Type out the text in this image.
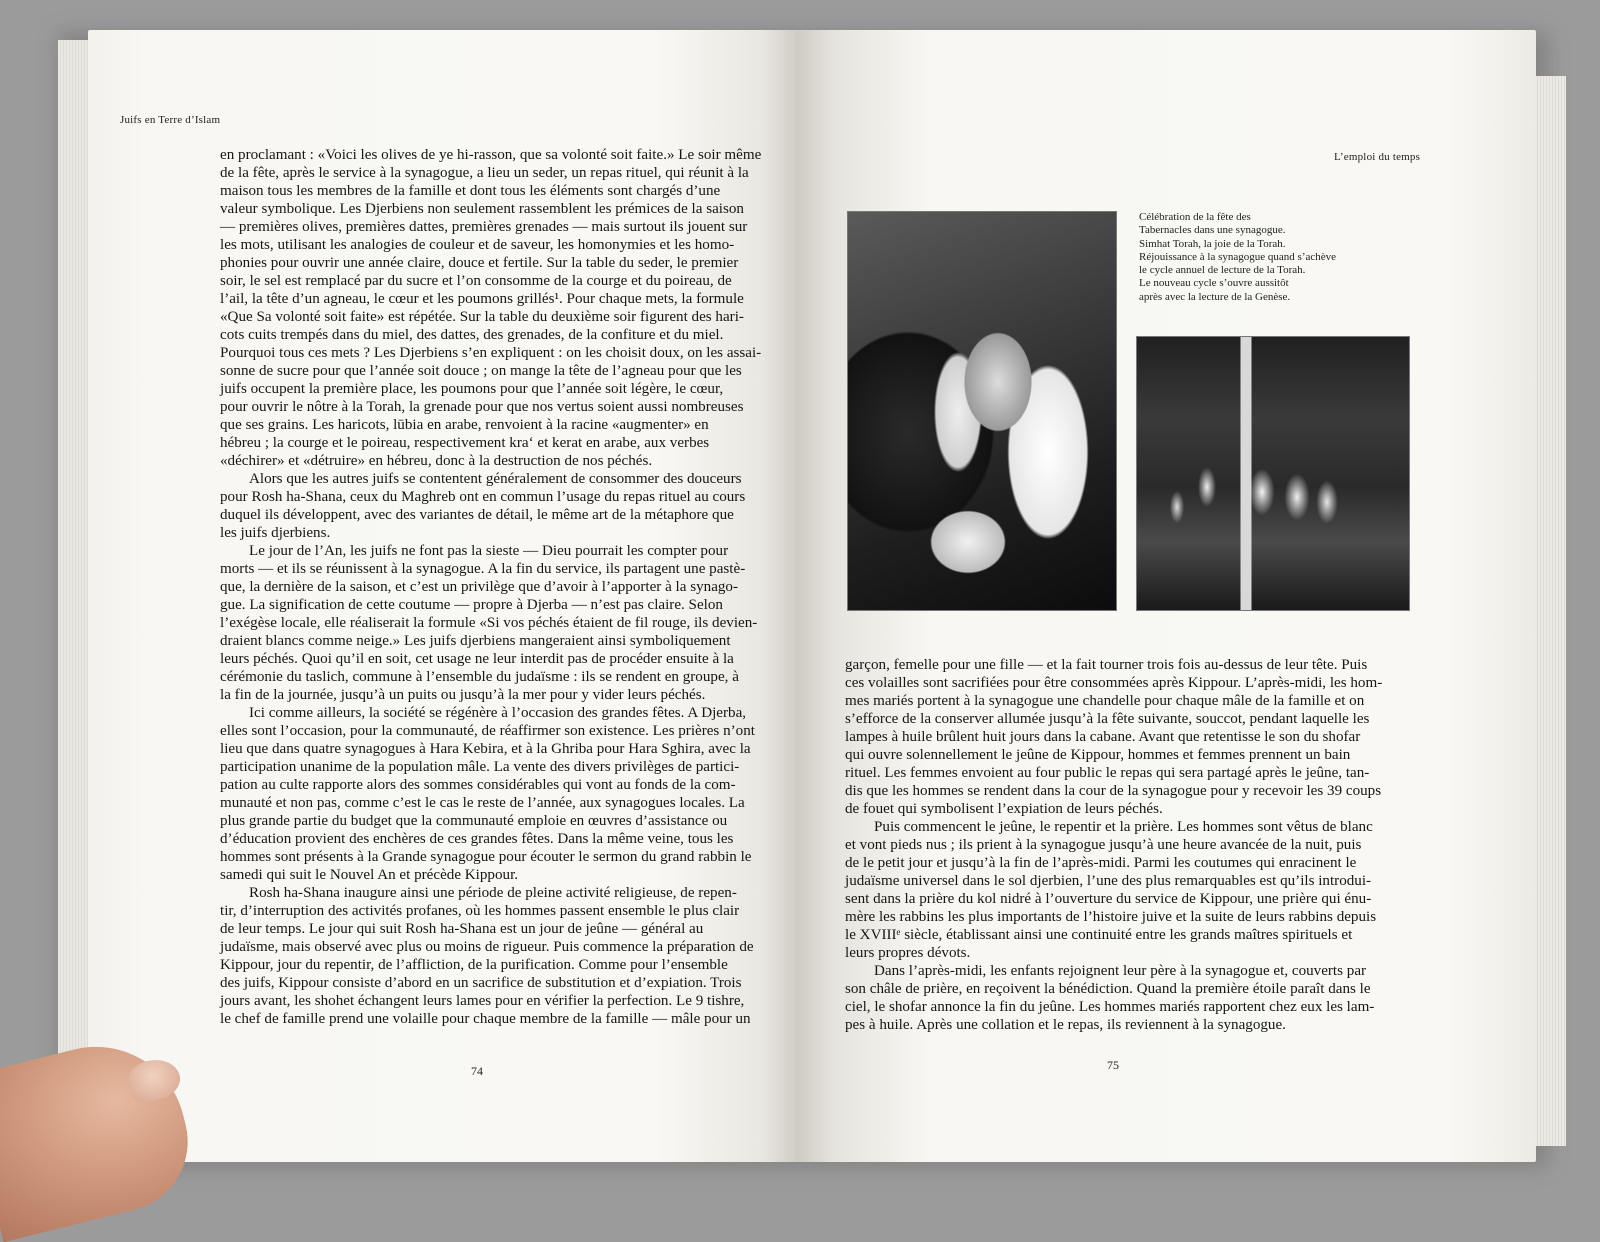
Juifs en Terre d’Islam
en proclamant : «Voici les olives de ye hi-rasson, que sa volonté soit faite.» Le soir même
de la fête, après le service à la synagogue, a lieu un seder, un repas rituel, qui réunit à la
maison tous les membres de la famille et dont tous les éléments sont chargés d’une
valeur symbolique. Les Djerbiens non seulement rassemblent les prémices de la saison
— premières olives, premières dattes, premières grenades — mais surtout ils jouent sur
les mots, utilisant les analogies de couleur et de saveur, les homonymies et les homo-
phonies pour ouvrir une année claire, douce et fertile. Sur la table du seder, le premier
soir, le sel est remplacé par du sucre et l’on consomme de la courge et du poireau, de
l’ail, la tête d’un agneau, le cœur et les poumons grillés¹. Pour chaque mets, la formule
«Que Sa volonté soit faite» est répétée. Sur la table du deuxième soir figurent des hari-
cots cuits trempés dans du miel, des dattes, des grenades, de la confiture et du miel.
Pourquoi tous ces mets ? Les Djerbiens s’en expliquent : on les choisit doux, on les assai-
sonne de sucre pour que l’année soit douce ; on mange la tête de l’agneau pour que les
juifs occupent la première place, les poumons pour que l’année soit légère, le cœur,
pour ouvrir le nôtre à la Torah, la grenade pour que nos vertus soient aussi nombreuses
que ses grains. Les haricots, lūbia en arabe, renvoient à la racine «augmenter» en
hébreu ; la courge et le poireau, respectivement kra‘ et kerat en arabe, aux verbes
«déchirer» et «détruire» en hébreu, donc à la destruction de nos péchés.
Alors que les autres juifs se contentent généralement de consommer des douceurs
pour Rosh ha-Shana, ceux du Maghreb ont en commun l’usage du repas rituel au cours
duquel ils développent, avec des variantes de détail, le même art de la métaphore que
les juifs djerbiens.
Le jour de l’An, les juifs ne font pas la sieste — Dieu pourrait les compter pour
morts — et ils se réunissent à la synagogue. A la fin du service, ils partagent une pastè-
que, la dernière de la saison, et c’est un privilège que d’avoir à l’apporter à la synago-
gue. La signification de cette coutume — propre à Djerba — n’est pas claire. Selon
l’exégèse locale, elle réaliserait la formule «Si vos péchés étaient de fil rouge, ils devien-
draient blancs comme neige.» Les juifs djerbiens mangeraient ainsi symboliquement
leurs péchés. Quoi qu’il en soit, cet usage ne leur interdit pas de procéder ensuite à la
cérémonie du taslich, commune à l’ensemble du judaïsme : ils se rendent en groupe, à
la fin de la journée, jusqu’à un puits ou jusqu’à la mer pour y vider leurs péchés.
Ici comme ailleurs, la société se régénère à l’occasion des grandes fêtes. A Djerba,
elles sont l’occasion, pour la communauté, de réaffirmer son existence. Les prières n’ont
lieu que dans quatre synagogues à Hara Kebira, et à la Ghriba pour Hara Sghira, avec la
participation unanime de la population mâle. La vente des divers privilèges de partici-
pation au culte rapporte alors des sommes considérables qui vont au fonds de la com-
munauté et non pas, comme c’est le cas le reste de l’année, aux synagogues locales. La
plus grande partie du budget que la communauté emploie en œuvres d’assistance ou
d’éducation provient des enchères de ces grandes fêtes. Dans la même veine, tous les
hommes sont présents à la Grande synagogue pour écouter le sermon du grand rabbin le
samedi qui suit le Nouvel An et précède Kippour.
Rosh ha-Shana inaugure ainsi une période de pleine activité religieuse, de repen-
tir, d’interruption des activités profanes, où les hommes passent ensemble le plus clair
de leur temps. Le jour qui suit Rosh ha-Shana est un jour de jeûne — général au
judaïsme, mais observé avec plus ou moins de rigueur. Puis commence la préparation de
Kippour, jour du repentir, de l’affliction, de la purification. Comme pour l’ensemble
des juifs, Kippour consiste d’abord en un sacrifice de substitution et d’expiation. Trois
jours avant, les shohet échangent leurs lames pour en vérifier la perfection. Le 9 tishre,
le chef de famille prend une volaille pour chaque membre de la famille — mâle pour un
74
L’emploi du temps
Célébration de la fête des
Tabernacles dans une synagogue.
Simhat Torah, la joie de la Torah.
Réjouissance à la synagogue quand s’achève
le cycle annuel de lecture de la Torah.
Le nouveau cycle s’ouvre aussitôt
après avec la lecture de la Genèse.
garçon, femelle pour une fille — et la fait tourner trois fois au-dessus de leur tête. Puis
ces volailles sont sacrifiées pour être consommées après Kippour. L’après-midi, les hom-
mes mariés portent à la synagogue une chandelle pour chaque mâle de la famille et on
s’efforce de la conserver allumée jusqu’à la fête suivante, souccot, pendant laquelle les
lampes à huile brûlent huit jours dans la cabane. Avant que retentisse le son du shofar
qui ouvre solennellement le jeûne de Kippour, hommes et femmes prennent un bain
rituel. Les femmes envoient au four public le repas qui sera partagé après le jeûne, tan-
dis que les hommes se rendent dans la cour de la synagogue pour y recevoir les 39 coups
de fouet qui symbolisent l’expiation de leurs péchés.
Puis commencent le jeûne, le repentir et la prière. Les hommes sont vêtus de blanc
et vont pieds nus ; ils prient à la synagogue jusqu’à une heure avancée de la nuit, puis
de le petit jour et jusqu’à la fin de l’après-midi. Parmi les coutumes qui enracinent le
judaïsme universel dans le sol djerbien, l’une des plus remarquables est qu’ils introdui-
sent dans la prière du kol nidré à l’ouverture du service de Kippour, une prière qui énu-
mère les rabbins les plus importants de l’histoire juive et la suite de leurs rabbins depuis
le XVIIIᵉ siècle, établissant ainsi une continuité entre les grands maîtres spirituels et
leurs propres dévots.
Dans l’après-midi, les enfants rejoignent leur père à la synagogue et, couverts par
son châle de prière, en reçoivent la bénédiction. Quand la première étoile paraît dans le
ciel, le shofar annonce la fin du jeûne. Les hommes mariés rapportent chez eux les lam-
pes à huile. Après une collation et le repas, ils reviennent à la synagogue.
75
